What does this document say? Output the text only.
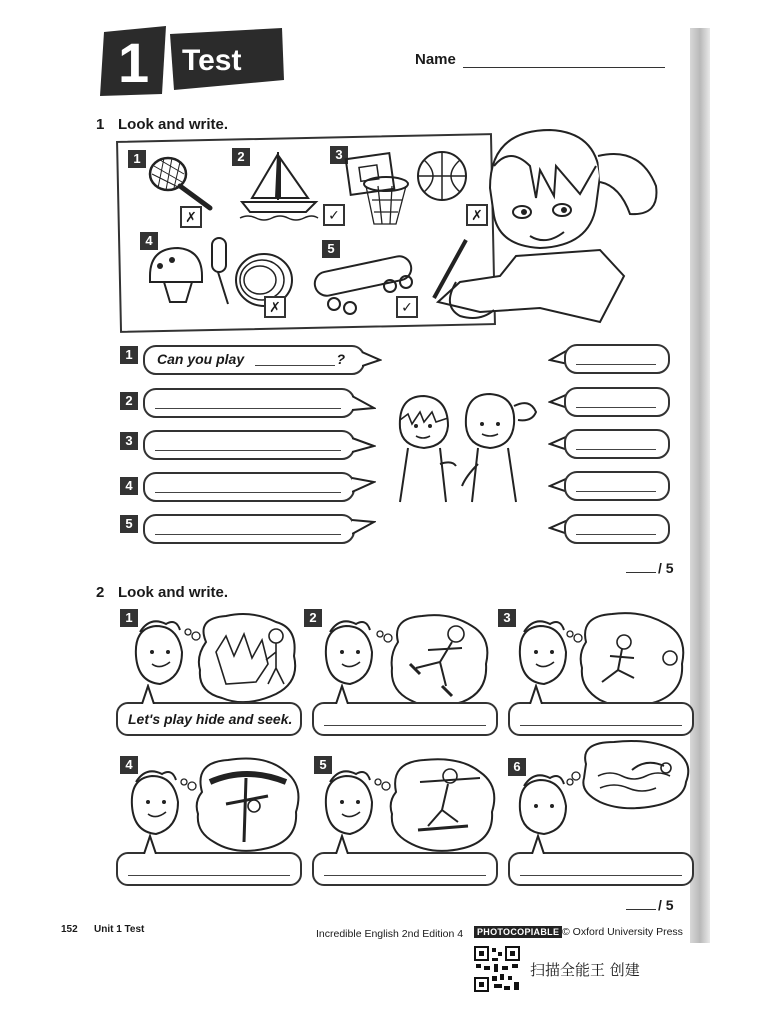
1 Test	Name
1 Look and write.
1
✗
2
✓
3
✗
4
✗
5
✓
1	Can you play	?
2
3
4
5
/ 5
2 Look and write.
1
Let's play hide and seek.
2	3
4	5	6
/ 5
152 Unit 1 Test	Incredible English 2nd Edition 4	PHOTOCOPIABLE © Oxford University Press
扫描全能王 创建
